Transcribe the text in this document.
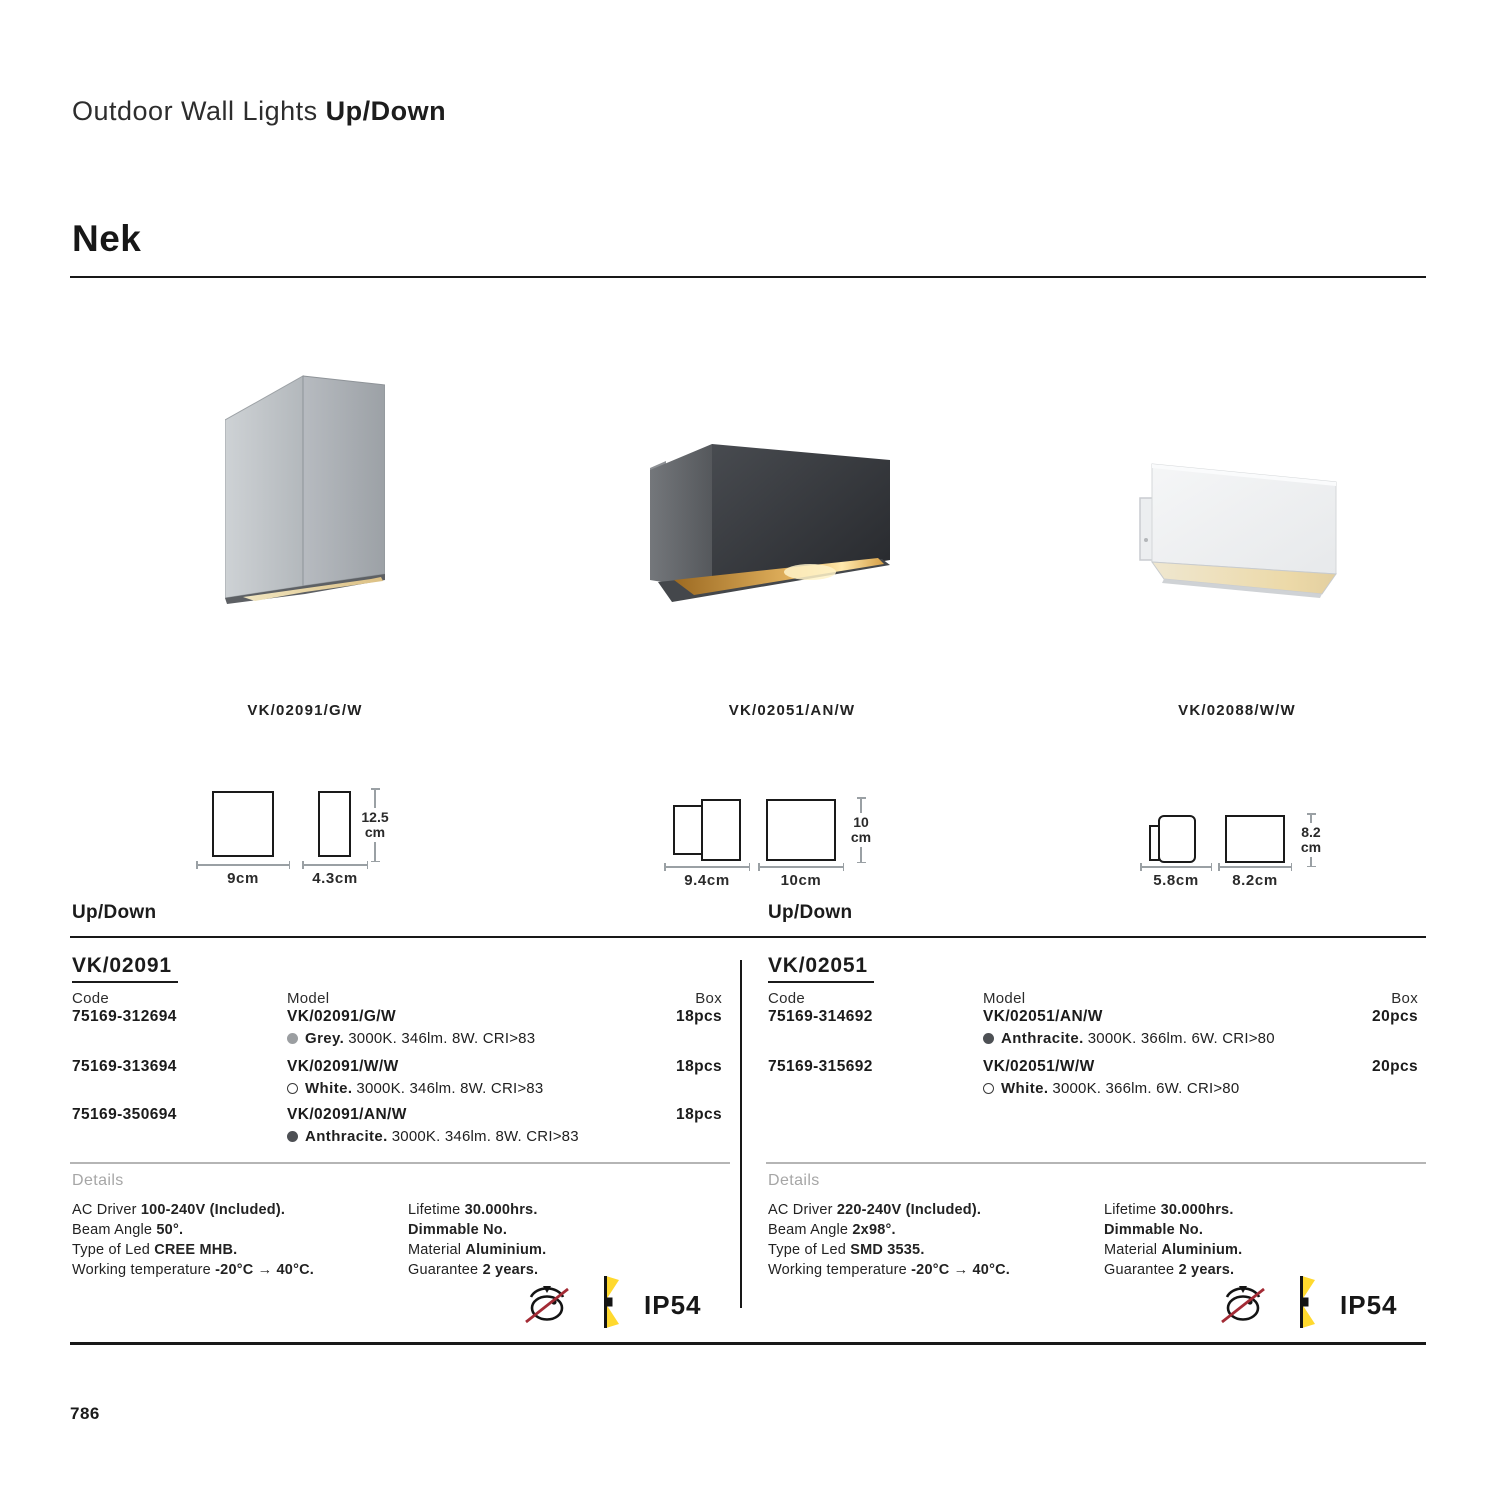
Outdoor Wall Lights Up/Down
Nek
VK/02091/G/W	VK/02051/AN/W	VK/02088/W/W
9cm	4.3cm
12.5
cm
9.4cm	10cm
10
cm
5.8cm	8.2cm
8.2
cm
Up/Down
VK/02091
Code	Model	Box
75169-312694	VK/02091/G/W	18pcs
Grey. 3000K. 346lm. 8W. CRI>83
75169-313694	VK/02091/W/W	18pcs
White. 3000K. 346lm. 8W. CRI>83
75169-350694	VK/02091/AN/W	18pcs
Anthracite. 3000K. 346lm. 8W. CRI>83
Details
AC Driver 100-240V (Included).
Beam Angle 50°.
Type of Led CREE MHB.
Working temperature -20°C → 40°C.
Lifetime 30.000hrs.
Dimmable No.
Material Aluminium.
Guarantee 2 years.
IP54
Up/Down
VK/02051
Code	Model	Box
75169-314692	VK/02051/AN/W	20pcs
Anthracite. 3000K. 366lm. 6W. CRI>80
75169-315692	VK/02051/W/W	20pcs
White. 3000K. 366lm. 6W. CRI>80
Details
AC Driver 220-240V (Included).
Beam Angle 2x98°.
Type of Led SMD 3535.
Working temperature -20°C → 40°C.
Lifetime 30.000hrs.
Dimmable No.
Material Aluminium.
Guarantee 2 years.
IP54
786
